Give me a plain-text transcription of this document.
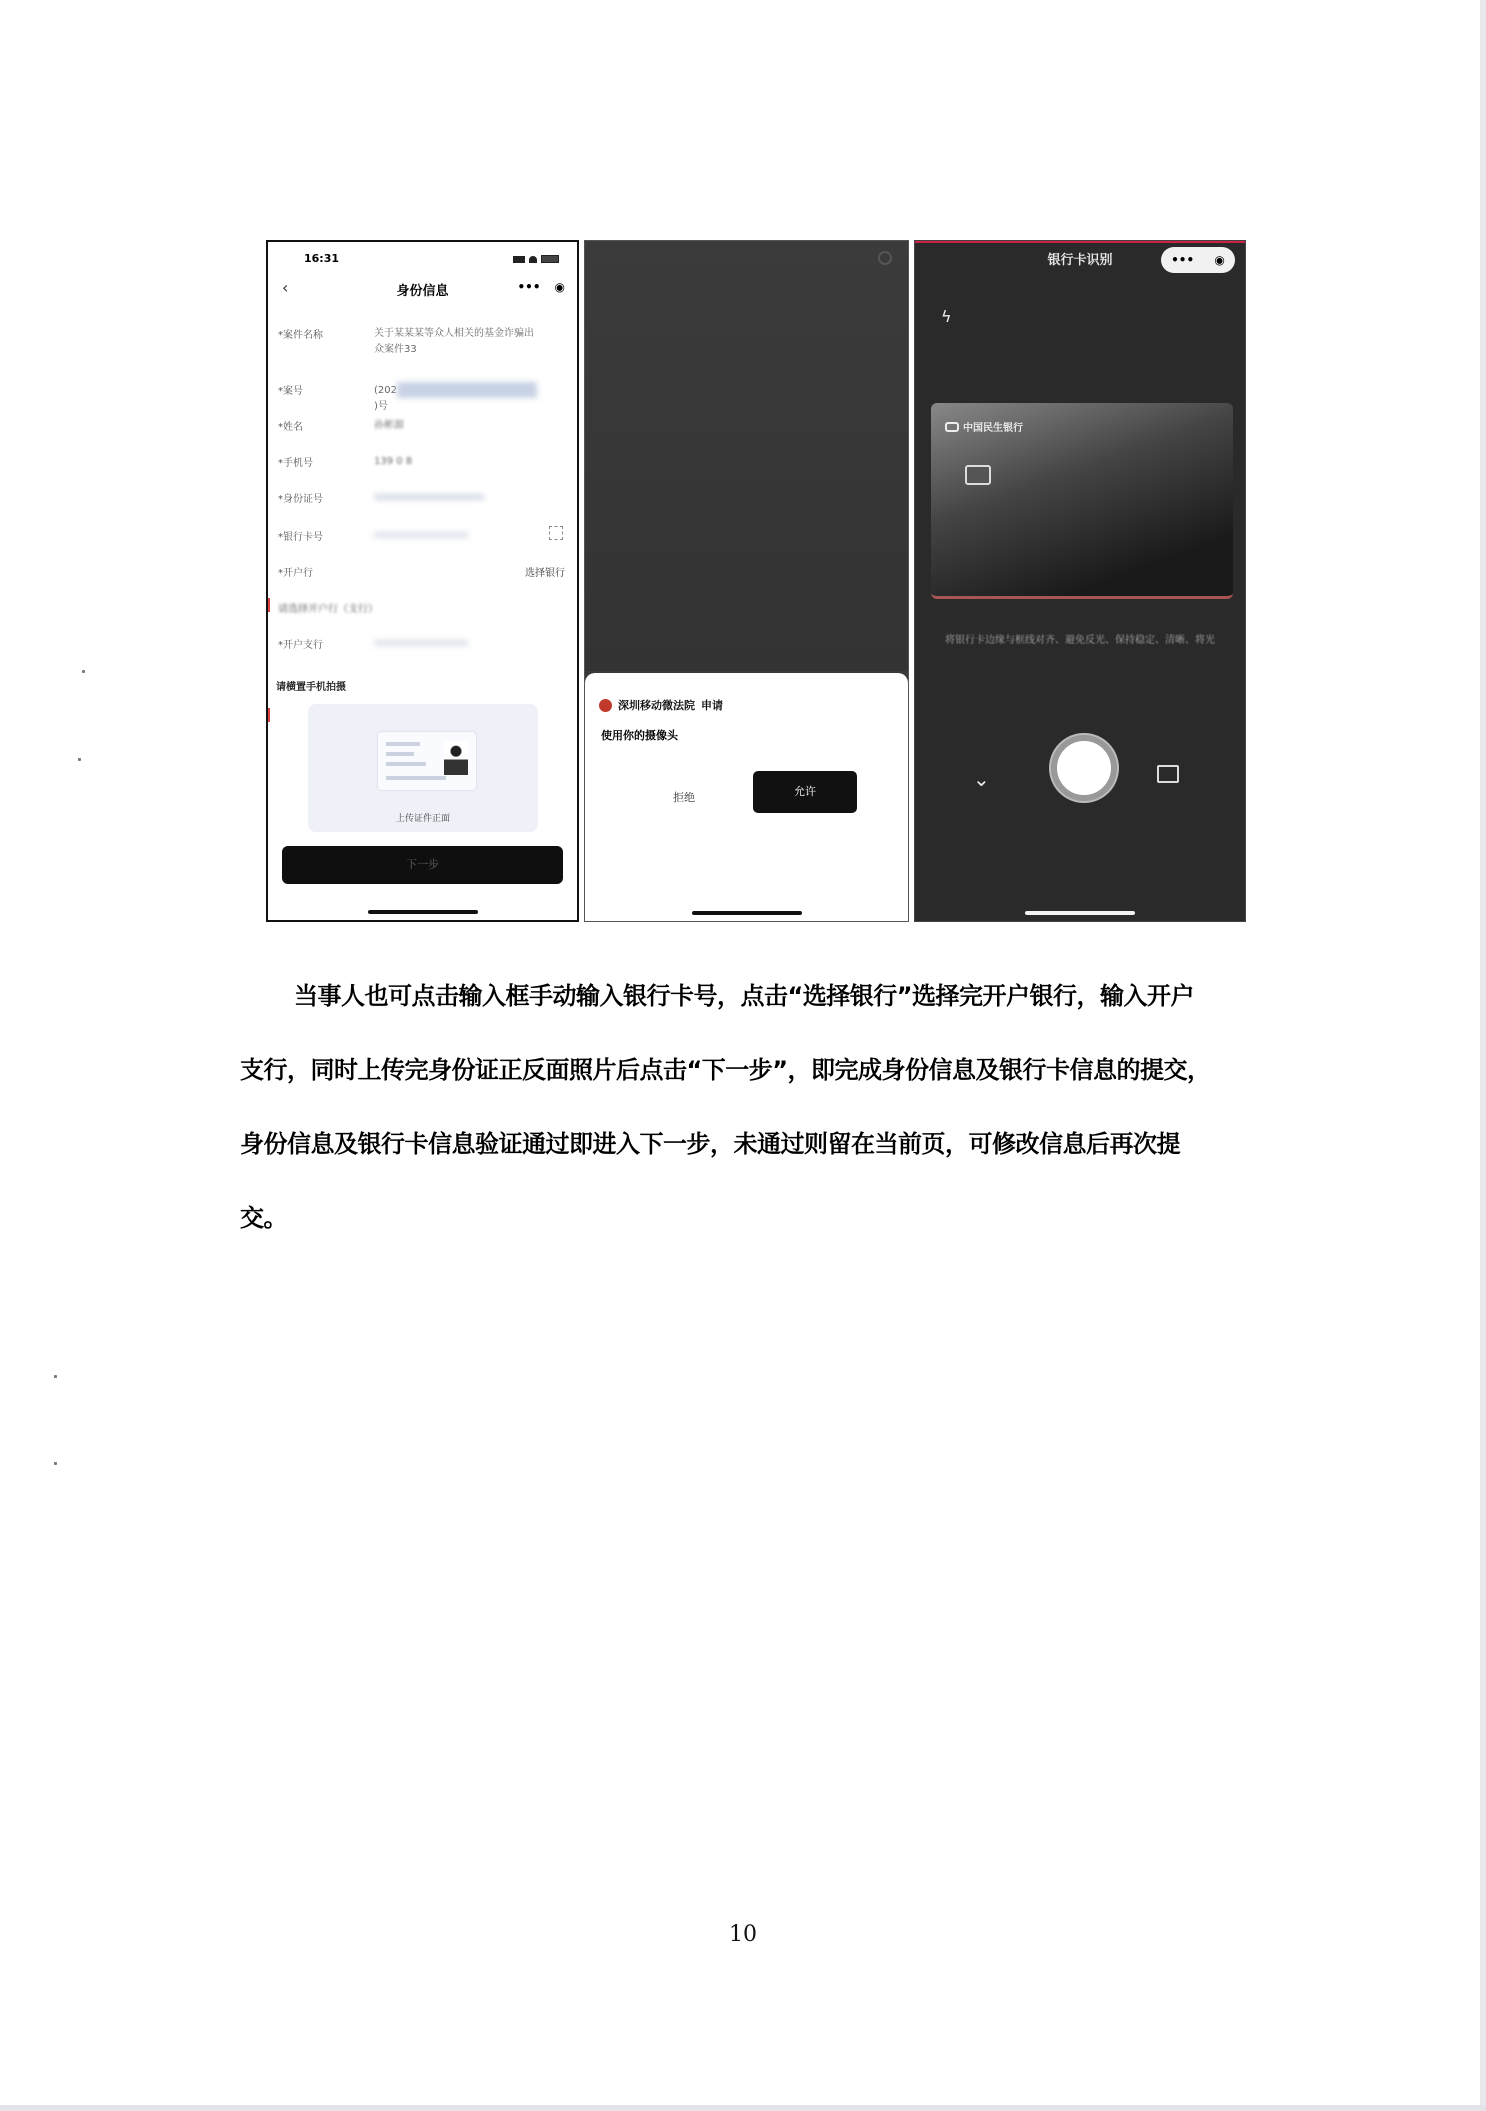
16:31
‹	身份信息	••• ◉
*案件名称	关于某某某等众人相关的基金诈骗出众案件33
*案号	(202)号
*姓名	孙彬源
*手机号	139 0 8
*身份证号
*银行卡号
*开户行	选择银行
请选择开户行（支行）
*开户支行
请横置手机拍摄
上传证件正面
下一步
深圳移动微法院 申请
使用你的摄像头
拒绝	允许
银行卡识别	••• ◉
ϟ
中国民生银行
将银行卡边缘与框线对齐、避免反光、保持稳定、清晰、将光
⌄
当事人也可点击输入框手动输入银行卡号，点击“选择银行”选择完开户银行，输入开户
支行，同时上传完身份证正反面照片后点击“下一步”，即完成身份信息及银行卡信息的提交，
身份信息及银行卡信息验证通过即进入下一步，未通过则留在当前页，可修改信息后再次提
交。
10
